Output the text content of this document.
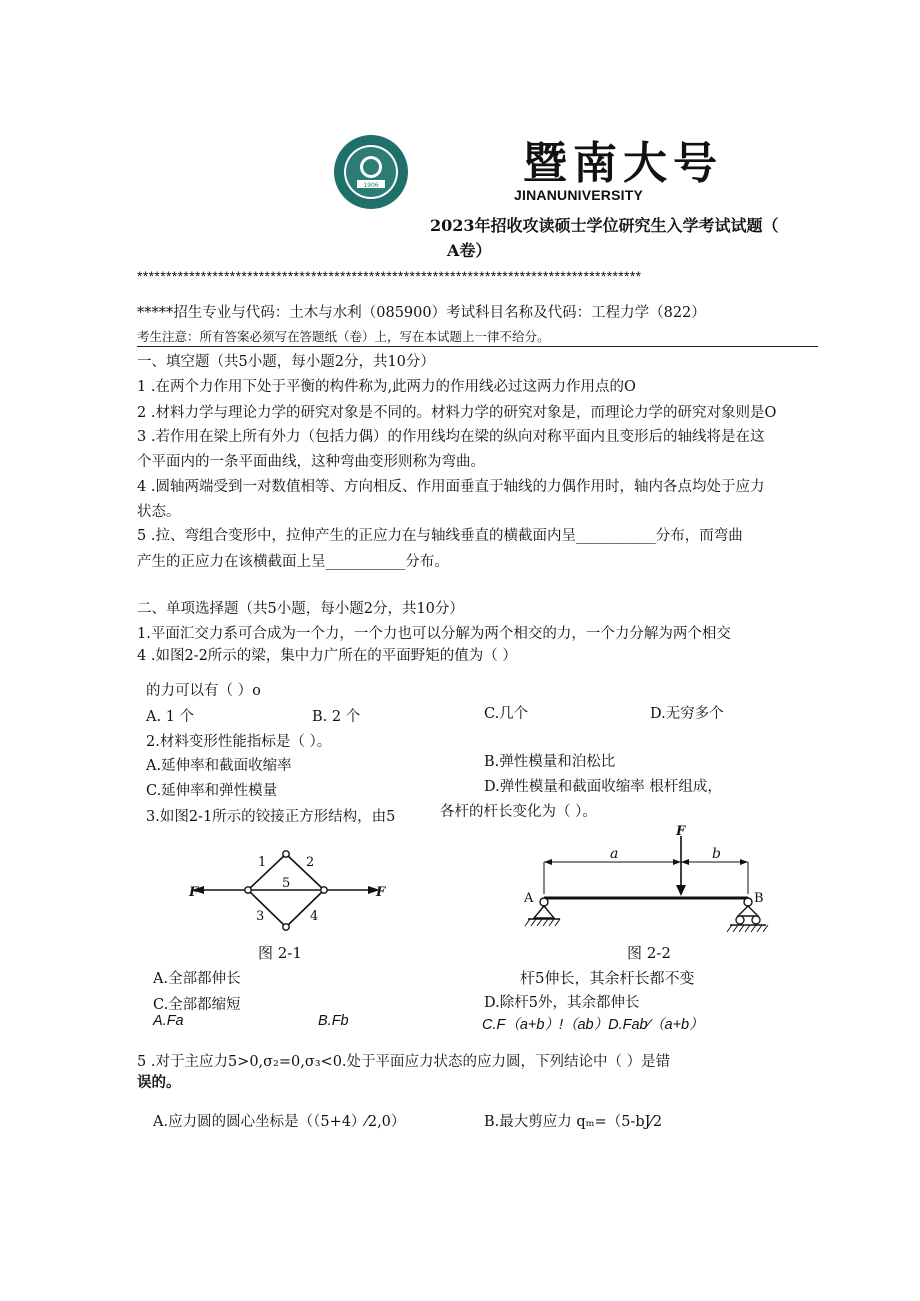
1906	暨南大号
JINANUNIVERSITY
2023年招收攻读硕士学位研究生入学考试试题（
A卷）
***************************************************************************************
*****招生专业与代码：土木与水利（085900）考试科目名称及代码：工程力学（822）
考生注意：所有答案必须写在答题纸（卷）上，写在本试题上一律不给分。
一、填空题（共5小题，每小题2分，共10分）
1 .在两个力作用下处于平衡的构件称为,此两力的作用线必过这两力作用点的O
2 .材料力学与理论力学的研究对象是不同的。材料力学的研究对象是，而理论力学的研究对象则是O
3 .若作用在梁上所有外力（包括力偶）的作用线均在梁的纵向对称平面内且变形后的轴线将是在这
个平面内的一条平面曲线，这种弯曲变形则称为弯曲。
4 .圆轴两端受到一对数值相等、方向相反、作用面垂直于轴线的力偶作用时，轴内各点均处于应力
状态。
5 .拉、弯组合变形中，拉伸产生的正应力在与轴线垂直的横截面内呈___________分布，而弯曲
产生的正应力在该横截面上呈___________分布。
二、单项选择题（共5小题，每小题2分，共10分）
1.平面汇交力系可合成为一个力，一个力也可以分解为两个相交的力，一个力分解为两个相交
4 .如图2-2所示的梁，集中力广所在的平面野矩的值为（ ）
的力可以有（ ）o
A. 1 个	B. 2 个	C.几个	D.无穷多个
2.材料变形性能指标是（ ）。
A.延伸率和截面收缩率	B.弹性模量和泊松比
C.延伸率和弹性模量	D.弹性模量和截面收缩率 根杆组成，
3.如图2-1所示的铰接正方形结构，由5	各杆的杆长变化为（ ）。
1	2
5
3	4
F	F
图 2-1
F
a	b
A	B
图 2-2
A.全部都伸长	杆5伸长，其余杆长都不变
C.全部都缩短	D.除杆5外，其余都伸长
A.Fa	B.Fb	C.F（a+b）!（ab）D.Fab⁄（a+b）
5 .对于主应力5>0,σ₂=0,σ₃<0.处于平面应力状态的应力圆，下列结论中（ ）是错
误的。
A.应力圆的圆心坐标是（（5+4）⁄2,0）	B.最大剪应力 qₘ=（5-bJ⁄2
